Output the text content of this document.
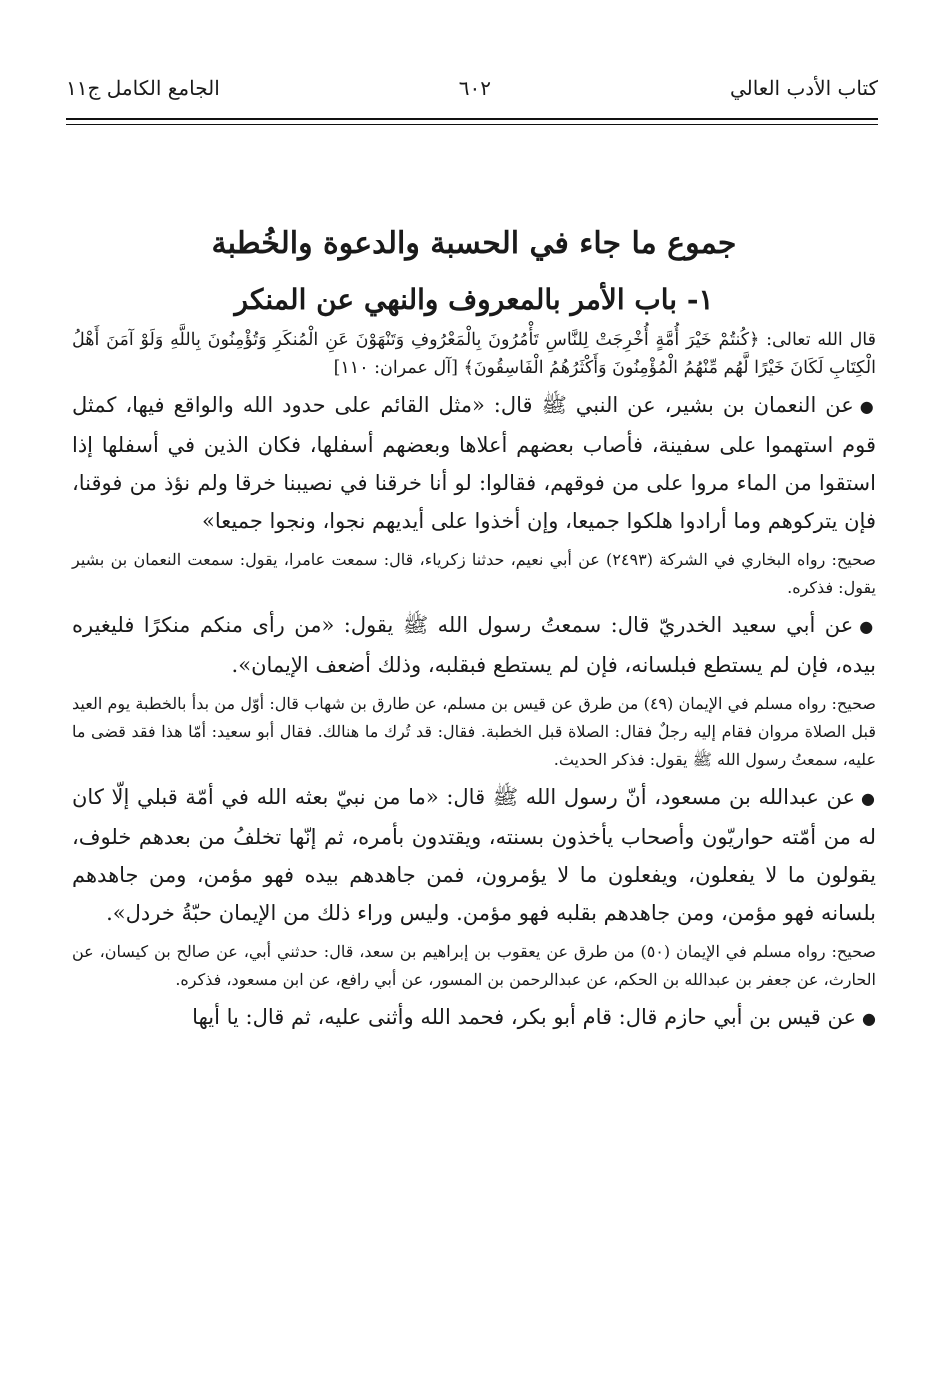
كتاب الأدب العالي
٦٠٢
الجامع الكامل ج١١
جموع ما جاء في الحسبة والدعوة والخُطبة
١- باب الأمر بالمعروف والنهي عن المنكر

قال الله تعالى: ﴿كُنتُمْ خَيْرَ أُمَّةٍ أُخْرِجَتْ لِلنَّاسِ تَأْمُرُونَ بِالْمَعْرُوفِ وَتَنْهَوْنَ عَنِ الْمُنكَرِ وَتُؤْمِنُونَ بِاللَّهِ وَلَوْ آمَنَ أَهْلُ الْكِتَابِ لَكَانَ خَيْرًا لَّهُم مِّنْهُمُ الْمُؤْمِنُونَ وَأَكْثَرُهُمُ الْفَاسِقُونَ﴾ [آل عمران: ١١٠]

●عن النعمان بن بشير، عن النبي ﷺ قال: «مثل القائم على حدود الله والواقع فيها، كمثل قوم استهموا على سفينة، فأصاب بعضهم أعلاها وبعضهم أسفلها، فكان الذين في أسفلها إذا استقوا من الماء مروا على من فوقهم، فقالوا: لو أنا خرقنا في نصيبنا خرقا ولم نؤذ من فوقنا، فإن يتركوهم وما أرادوا هلكوا جميعا، وإن أخذوا على أيديهم نجوا، ونجوا جميعا»

صحيح: رواه البخاري في الشركة (٢٤٩٣) عن أبي نعيم، حدثنا زكرياء، قال: سمعت عامرا، يقول: سمعت النعمان بن بشير يقول: فذكره.

●عن أبي سعيد الخدريّ قال: سمعتُ رسول الله ﷺ يقول: «من رأى منكم منكرًا فليغيره بيده، فإن لم يستطع فبلسانه، فإن لم يستطع فبقلبه، وذلك أضعف الإيمان».

صحيح: رواه مسلم في الإيمان (٤٩) من طرق عن قيس بن مسلم، عن طارق بن شهاب قال: أوّل من بدأ بالخطبة يوم العيد قبل الصلاة مروان فقام إليه رجلٌ فقال: الصلاة قبل الخطبة. فقال: قد تُرك ما هنالك. فقال أبو سعيد: أمّا هذا فقد قضى ما عليه، سمعتُ رسول الله ﷺ يقول: فذكر الحديث.

●عن عبدالله بن مسعود، أنّ رسول الله ﷺ قال: «ما من نبيّ بعثه الله في أمّة قبلي إلّا كان له من أمّته حواريّون وأصحاب يأخذون بسنته، ويقتدون بأمره، ثم إنّها تخلفُ من بعدهم خلوف، يقولون ما لا يفعلون، ويفعلون ما لا يؤمرون، فمن جاهدهم بيده فهو مؤمن، ومن جاهدهم بلسانه فهو مؤمن، ومن جاهدهم بقلبه فهو مؤمن. وليس وراء ذلك من الإيمان حبّةُ خردل».

صحيح: رواه مسلم في الإيمان (٥٠) من طرق عن يعقوب بن إبراهيم بن سعد، قال: حدثني أبي، عن صالح بن كيسان، عن الحارث، عن جعفر بن عبدالله بن الحكم، عن عبدالرحمن بن المسور، عن أبي رافع، عن ابن مسعود، فذكره.

●عن قيس بن أبي حازم قال: قام أبو بكر، فحمد الله وأثنى عليه، ثم قال: يا أيها
